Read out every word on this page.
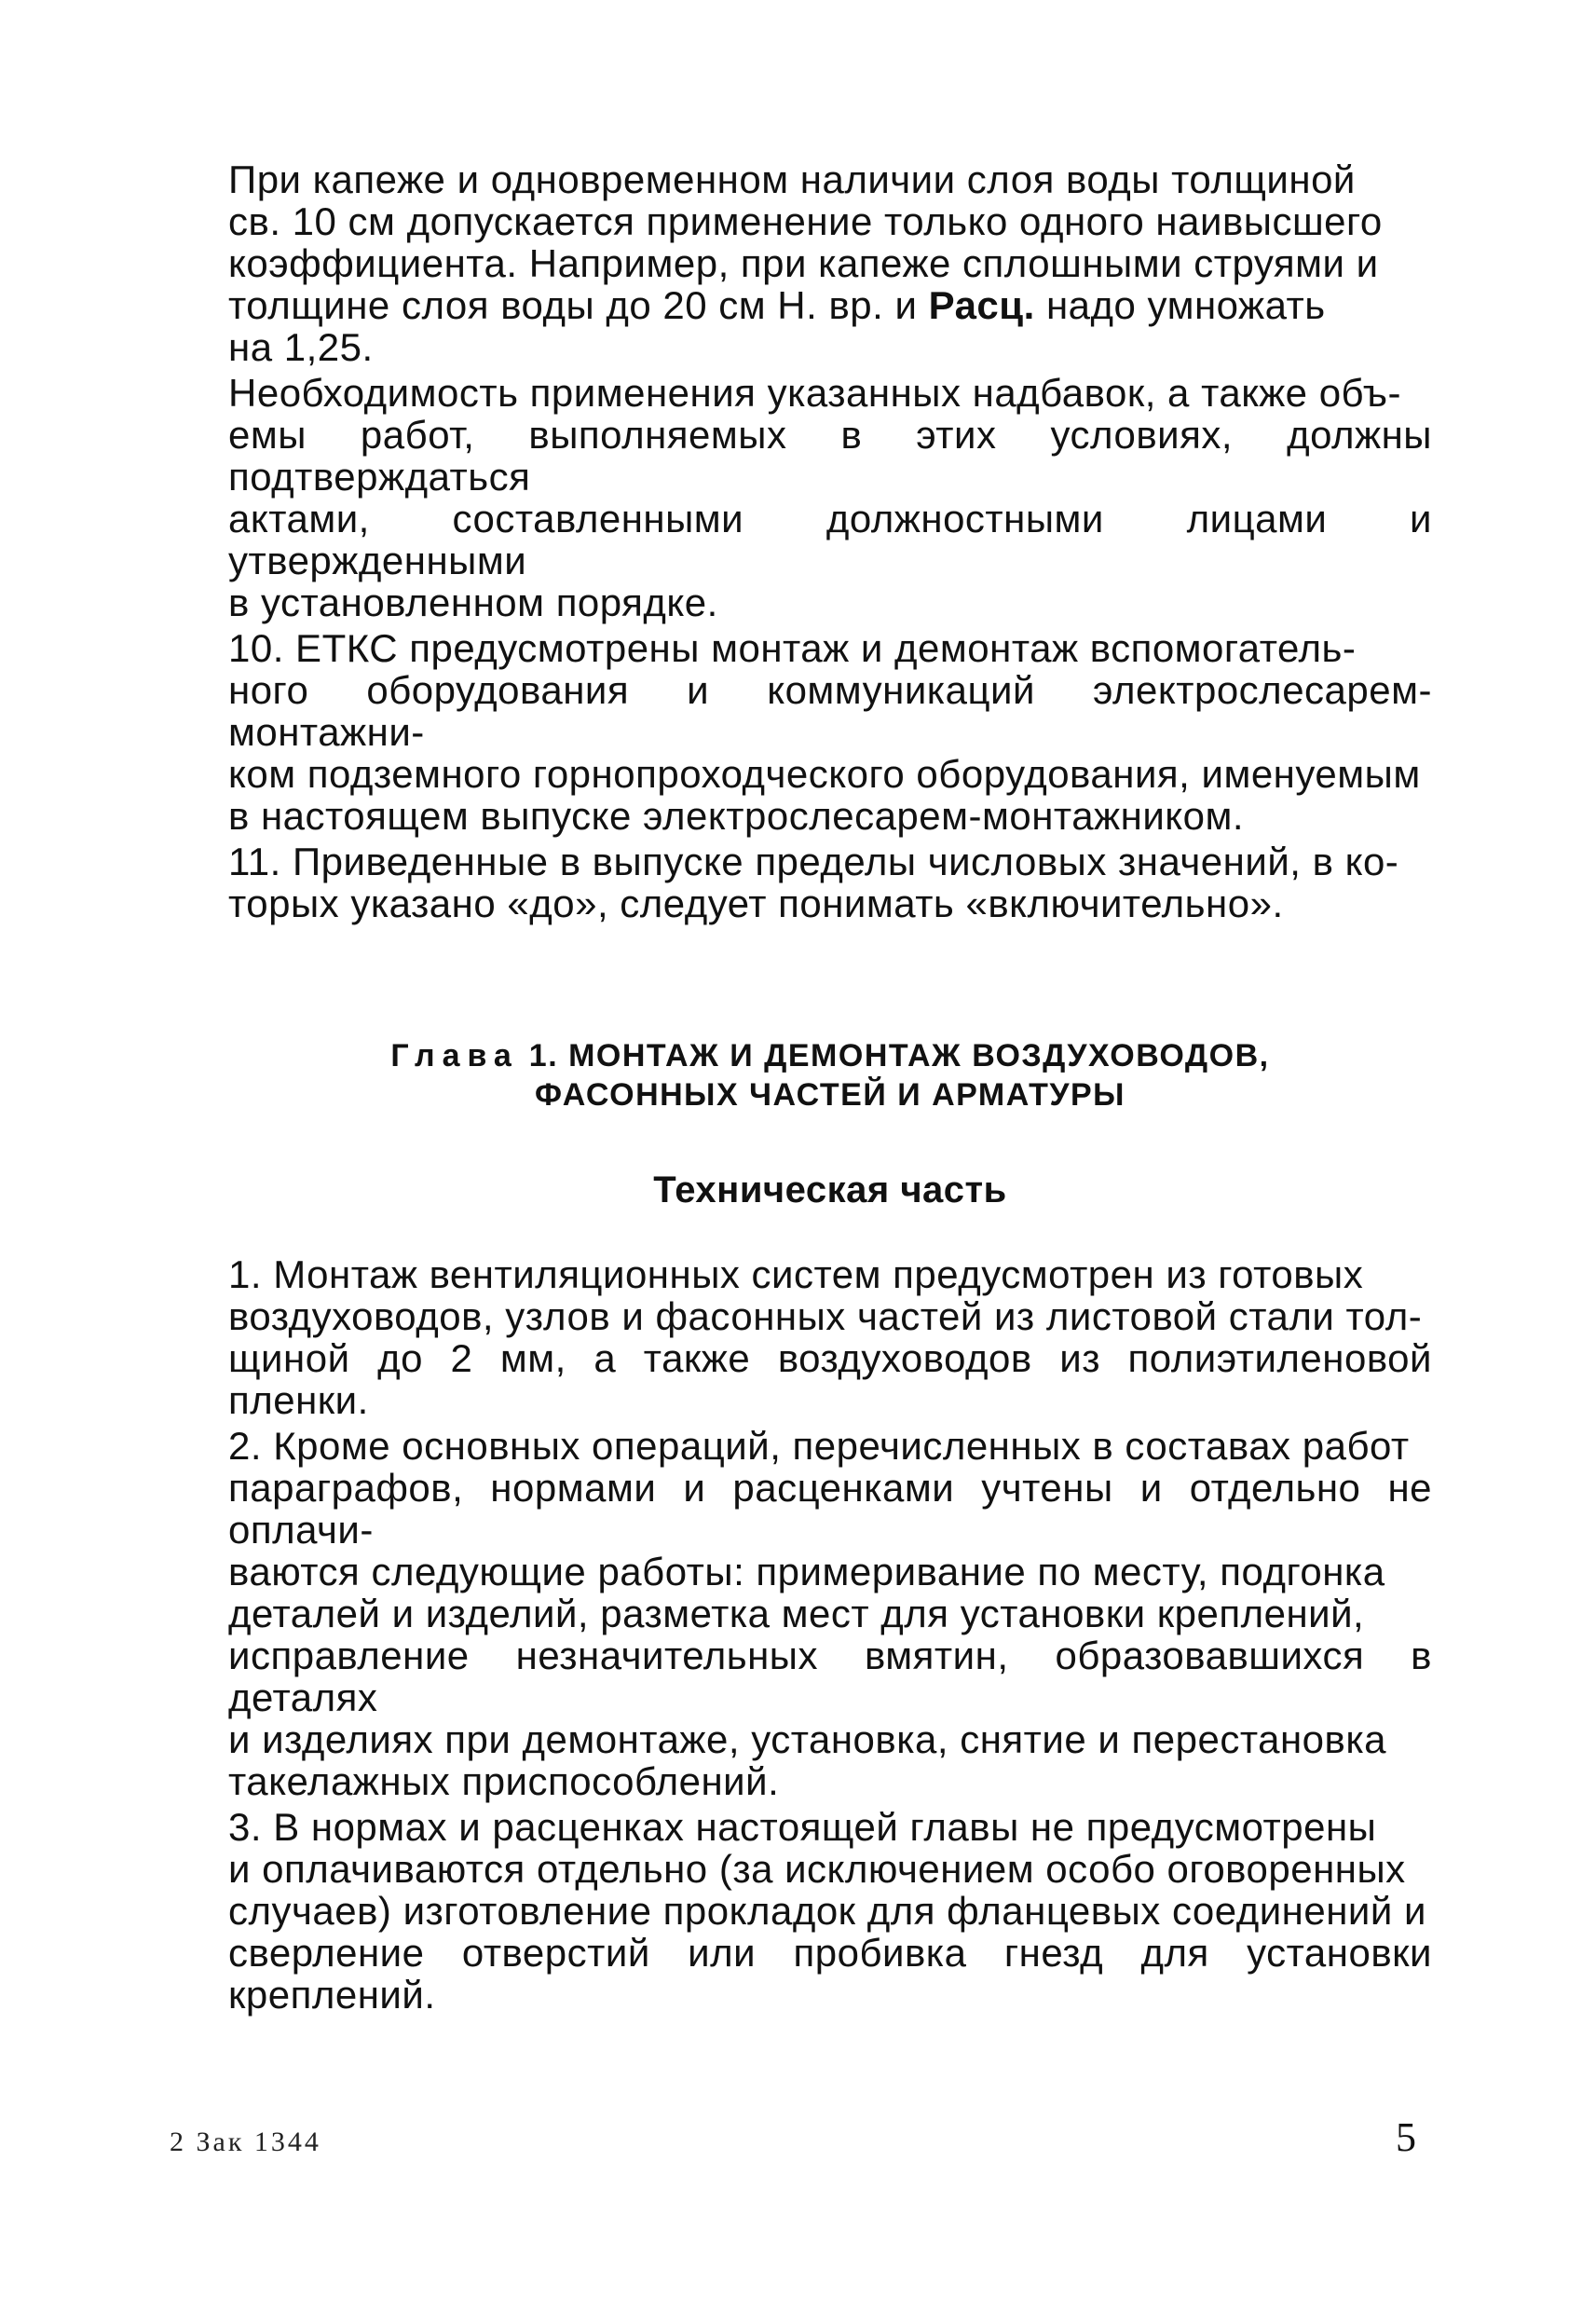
При капеже и одновременном наличии слоя воды толщиной

св. 10 см допускается применение только одного наивысшего

коэффициента. Например, при капеже сплошными струями и

толщине слоя воды до 20 см Н. вр. и Расц. надо умножать

на 1,25.

Необходимость применения указанных надбавок, а также объ-

емы работ, выполняемых в этих условиях, должны подтверждаться

актами, составленными должностными лицами и утвержденными

в установленном порядке.

10. ЕТКС предусмотрены монтаж и демонтаж вспомогатель-

ного оборудования и коммуникаций электрослесарем-монтажни-

ком подземного горнопроходческого оборудования, именуемым

в настоящем выпуске электрослесарем-монтажником.

11. Приведенные в выпуске пределы числовых значений, в ко-

торых указано «до», следует понимать «включительно».

Глава 1. МОНТАЖ И ДЕМОНТАЖ ВОЗДУХОВОДОВ,
ФАСОННЫХ ЧАСТЕЙ И АРМАТУРЫ
Техническая часть

1. Монтаж вентиляционных систем предусмотрен из готовых

воздуховодов, узлов и фасонных частей из листовой стали тол-

щиной до 2 мм, а также воздуховодов из полиэтиленовой пленки.

2. Кроме основных операций, перечисленных в составах работ

параграфов, нормами и расценками учтены и отдельно не оплачи-

ваются следующие работы: примеривание по месту, подгонка

деталей и изделий, разметка мест для установки креплений,

исправление незначительных вмятин, образовавшихся в деталях

и изделиях при демонтаже, установка, снятие и перестановка

такелажных приспособлений.

3. В нормах и расценках настоящей главы не предусмотрены

и оплачиваются отдельно (за исключением особо оговоренных

случаев) изготовление прокладок для фланцевых соединений и

сверление отверстий или пробивка гнезд для установки креплений.

2 Зак 1344	5
